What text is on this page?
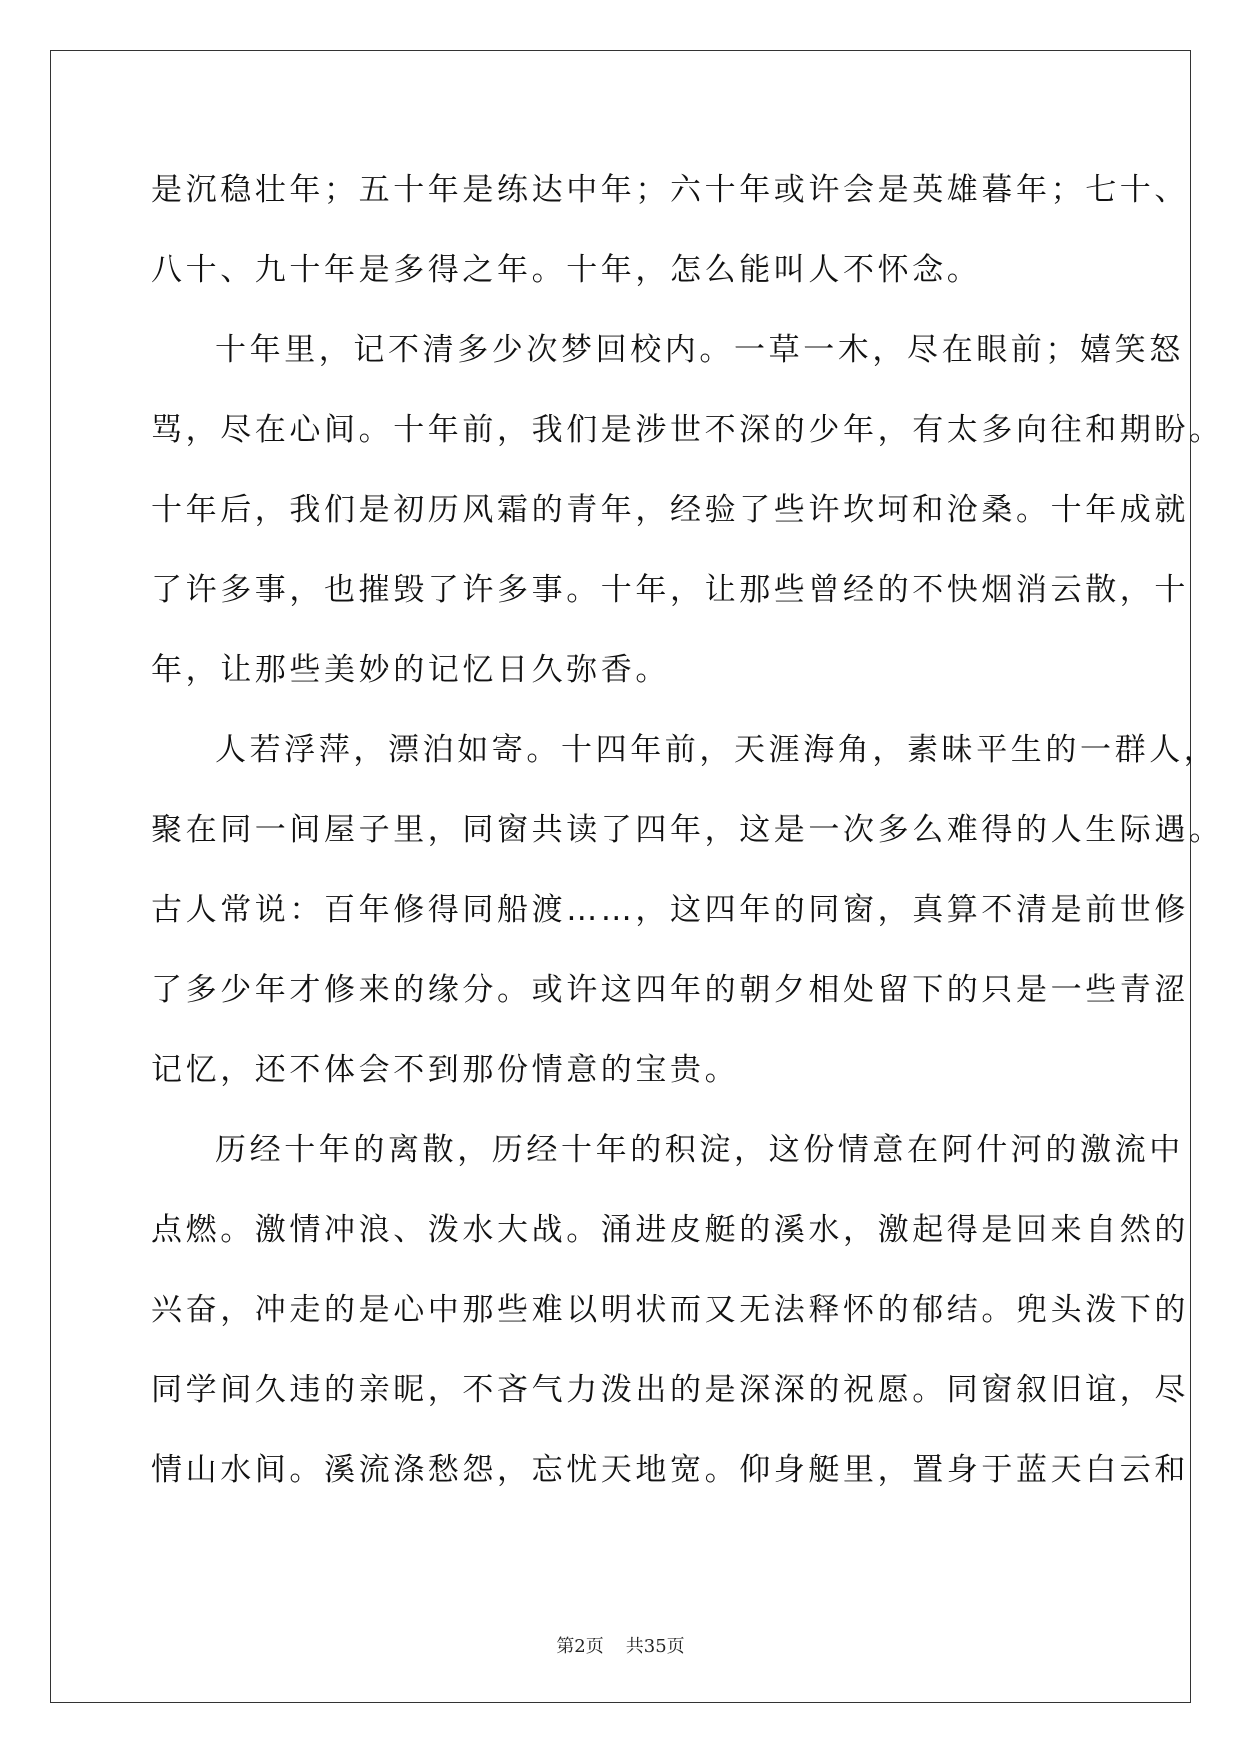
是沉稳壮年；五十年是练达中年；六十年或许会是英雄暮年；七十、
八十、九十年是多得之年。十年，怎么能叫人不怀念。
十年里，记不清多少次梦回校内。一草一木，尽在眼前；嬉笑怒
骂，尽在心间。十年前，我们是涉世不深的少年，有太多向往和期盼。
十年后，我们是初历风霜的青年，经验了些许坎坷和沧桑。十年成就
了许多事，也摧毁了许多事。十年，让那些曾经的不快烟消云散，十
年，让那些美妙的记忆日久弥香。
人若浮萍，漂泊如寄。十四年前，天涯海角，素昧平生的一群人，
聚在同一间屋子里，同窗共读了四年，这是一次多么难得的人生际遇。
古人常说：百年修得同船渡……，这四年的同窗，真算不清是前世修
了多少年才修来的缘分。或许这四年的朝夕相处留下的只是一些青涩
记忆，还不体会不到那份情意的宝贵。
历经十年的离散，历经十年的积淀，这份情意在阿什河的激流中
点燃。激情冲浪、泼水大战。涌进皮艇的溪水，激起得是回来自然的
兴奋，冲走的是心中那些难以明状而又无法释怀的郁结。兜头泼下的
同学间久违的亲昵，不吝气力泼出的是深深的祝愿。同窗叙旧谊，尽
情山水间。溪流涤愁怨，忘忧天地宽。仰身艇里，置身于蓝天白云和
第2页 共35页
